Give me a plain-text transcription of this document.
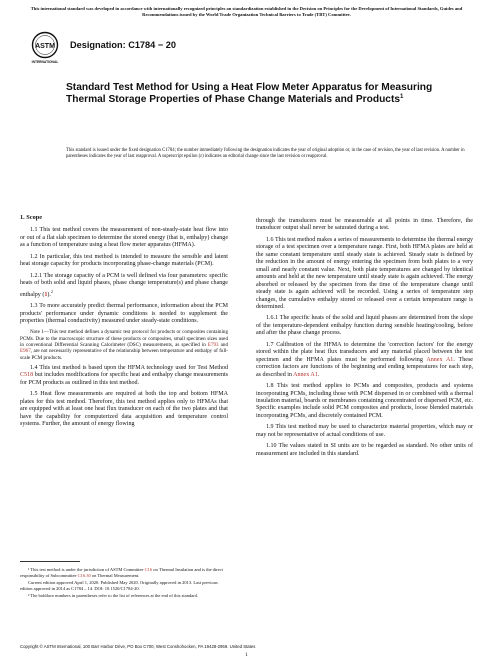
This international standard was developed in accordance with internationally recognized principles on standardization established in the Decision on Principles for the Development of International Standards, Guides and Recommendations issued by the World Trade Organization Technical Barriers to Trade (TBT) Committee.
ASTM
INTERNATIONAL
Designation: C1784 − 20
Standard Test Method for Using a Heat Flow Meter Apparatus for Measuring Thermal Storage Properties of Phase Change Materials and Products$^1$
This standard is issued under the fixed designation C1784; the number immediately following the designation indicates the year of original adoption or, in the case of revision, the year of last revision. A number in parentheses indicates the year of last reapproval. A superscript epsilon (ε) indicates an editorial change since the last revision or reapproval.

1. Scope

1.1 This test method covers the measurement of non-steady-state heat flow into or out of a flat slab specimen to determine the stored energy (that is, enthalpy) change as a function of temperature using a heat flow meter apparatus (HFMA).

1.2 In particular, this test method is intended to measure the sensible and latent heat storage capacity for products incorporating phase-change materials (PCM).

1.2.1 The storage capacity of a PCM is well defined via four parameters: specific heats of both solid and liquid phases, phase change temperature(s) and phase change enthalpy (1).$^2$

1.3 To more accurately predict thermal performance, information about the PCM products' performance under dynamic conditions is needed to supplement the properties (thermal conductivity) measured under steady-state conditions.

Note 1—This test method defines a dynamic test protocol for products or composites containing PCMs. Due to the macroscopic structure of these products or composites, small specimen sizes used in conventional Differential Scanning Calorimeter (DSC) measurements, as specified in E793 and E967, are not necessarily representative of the relationship between temperature and enthalpy of full-scale PCM products.

1.4 This test method is based upon the HFMA technology used for Test Method C518 but includes modifications for specific heat and enthalpy change measurements for PCM products as outlined in this test method.

1.5 Heat flow measurements are required at both the top and bottom HFMA plates for this test method. Therefore, this test method applies only to HFMAs that are equipped with at least one heat flux transducer on each of the two plates and that have the capability for computerized data acquisition and temperature control systems. Further, the amount of energy flowing

through the transducers must be measureable at all points in time. Therefore, the transducer output shall never be saturated during a test.

1.6 This test method makes a series of measurements to determine the thermal energy storage of a test specimen over a temperature range. First, both HFMA plates are held at the same constant temperature until steady state is achieved. Steady state is defined by the reduction in the amount of energy entering the specimen from both plates to a very small and nearly constant value. Next, both plate temperatures are changed by identical amounts and held at the new temperature until steady state is again achieved. The energy absorbed or released by the specimen from the time of the temperature change until steady state is again achieved will be recorded. Using a series of temperature step changes, the cumulative enthalpy stored or released over a certain temperature range is determined.

1.6.1 The specific heats of the solid and liquid phases are determined from the slope of the temperature-dependent enthalpy function during sensible heating/cooling, before and after the phase change process.

1.7 Calibration of the HFMA to determine the 'correction factors' for the energy stored within the plate heat flux transducers and any material placed between the test specimen and the HFMA plates must be performed following Annex A1. These correction factors are functions of the beginning and ending temperatures for each step, as described in Annex A1.

1.8 This test method applies to PCMs and composites, products and systems incorporating PCMs, including those with PCM dispersed in or combined with a thermal insulation material, boards or membranes containing concentrated or dispersed PCM, etc. Specific examples include solid PCM composites and products, loose blended materials incorporating PCMs, and discretely contained PCM.

1.9 This test method may be used to characterize material properties, which may or may not be representative of actual conditions of use.

1.10 The values stated in SI units are to be regarded as standard. No other units of measurement are included in this standard.

¹ This test method is under the jurisdiction of ASTM Committee C16 on Thermal Insulation and is the direct responsibility of Subcommittee C16.30 on Thermal Measurement.

Current edition approved April 1, 2020. Published May 2020. Originally approved in 2013. Last previous edition approved in 2014 as C1784 – 14. DOI: 10.1520/C1784-20.

² The boldface numbers in parentheses refer to the list of references at the end of this standard.

Copyright © ASTM International, 100 Barr Harbor Drive, PO Box C700, West Conshohocken, PA 19428-2959. United States
1
